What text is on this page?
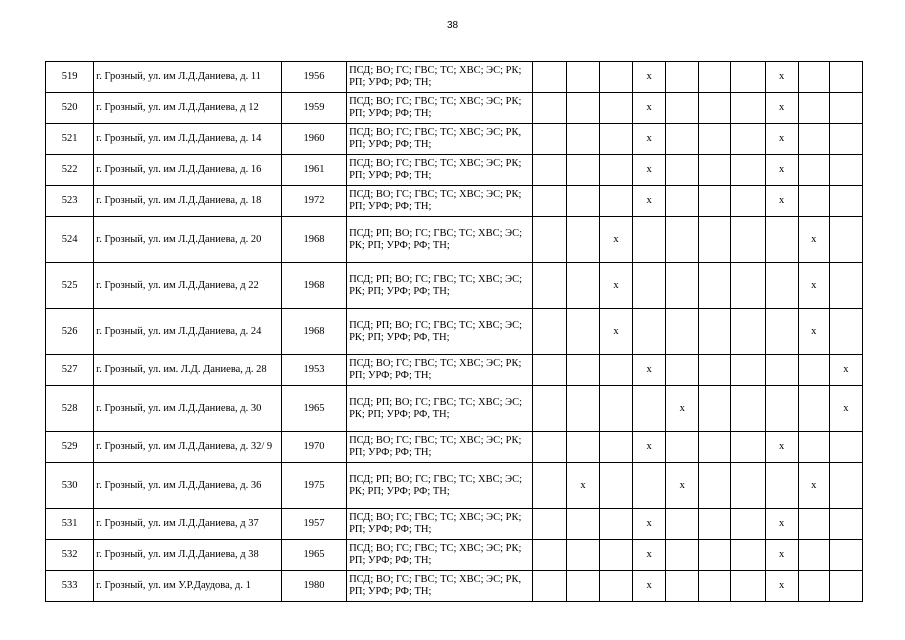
38
519	г. Грозный, ул. им Л.Д.Даниева, д. 11	1956	ПСД; ВО; ГС; ГВС; ТС; ХВС; ЭС; РК; РП; УРФ; РФ; ТН;				х				х		
520	г. Грозный, ул. им Л.Д.Даниева, д 12	1959	ПСД; ВО; ГС; ГВС; ТС; ХВС; ЭС; РК; РП; УРФ; РФ; ТН;				х				х		
521	г. Грозный, ул. им Л.Д.Даниева, д. 14	1960	ПСД; ВО; ГС; ГВС; ТС; ХВС; ЭС; РК, РП; УРФ; РФ; ТН;				х				х		
522	г. Грозный, ул. им Л.Д.Даниева, д. 16	1961	ПСД; ВО; ГС; ГВС; ТС; ХВС; ЭС; РК; РП; УРФ; РФ; ТН;				х				х		
523	г. Грозный, ул. им Л.Д.Даниева, д. 18	1972	ПСД; ВО; ГС; ГВС; ТС; ХВС; ЭС; РК; РП; УРФ; РФ; ТН;				х				х		
524	г. Грозный, ул. им Л.Д.Даниева, д. 20	1968	ПСД; РП; ВО; ГС; ГВС; ТС; ХВС; ЭС; РК; РП; УРФ; РФ; ТН;			х						х	
525	г. Грозный, ул. им Л.Д.Даниева, д 22	1968	ПСД; РП; ВО; ГС; ГВС; ТС; ХВС; ЭС; РК; РП; УРФ; РФ; ТН;			х						х	
526	г. Грозный, ул. им Л.Д.Даниева, д. 24	1968	ПСД; РП; ВО; ГС; ГВС; ТС; ХВС; ЭС; РК; РП; УРФ; РФ, ТН;			х						х	
527	г. Грозный, ул. им. Л.Д. Даниева, д. 28	1953	ПСД; ВО; ГС; ГВС; ТС; ХВС; ЭС; РК; РП; УРФ; РФ; ТН;				х						х
528	г. Грозный, ул. им Л.Д.Даниева, д. 30	1965	ПСД; РП; ВО; ГС; ГВС; ТС; ХВС; ЭС; РК; РП; УРФ; РФ, ТН;					х					х
529	г. Грозный, ул. им Л.Д.Даниева, д. 32/ 9	1970	ПСД; ВО; ГС; ГВС; ТС; ХВС; ЭС; РК; РП; УРФ; РФ; ТН;				х				х		
530	г. Грозный, ул. им Л.Д.Даниева, д. 36	1975	ПСД; РП; ВО; ГС; ГВС; ТС; ХВС; ЭС; РК; РП; УРФ; РФ; ТН;		х			х				х	
531	г. Грозный, ул. им Л.Д.Даниева, д 37	1957	ПСД; ВО; ГС; ГВС; ТС; ХВС; ЭС; РК; РП; УРФ; РФ; ТН;				х				х		
532	г. Грозный, ул. им Л.Д.Даниева, д 38	1965	ПСД; ВО; ГС; ГВС; ТС; ХВС; ЭС; РК; РП; УРФ; РФ; ТН;				х				х		
533	г. Грозный, ул. им У.Р.Даудова, д. 1	1980	ПСД; ВО; ГС; ГВС; ТС; ХВС; ЭС; РК, РП; УРФ; РФ; ТН;				х				х		
